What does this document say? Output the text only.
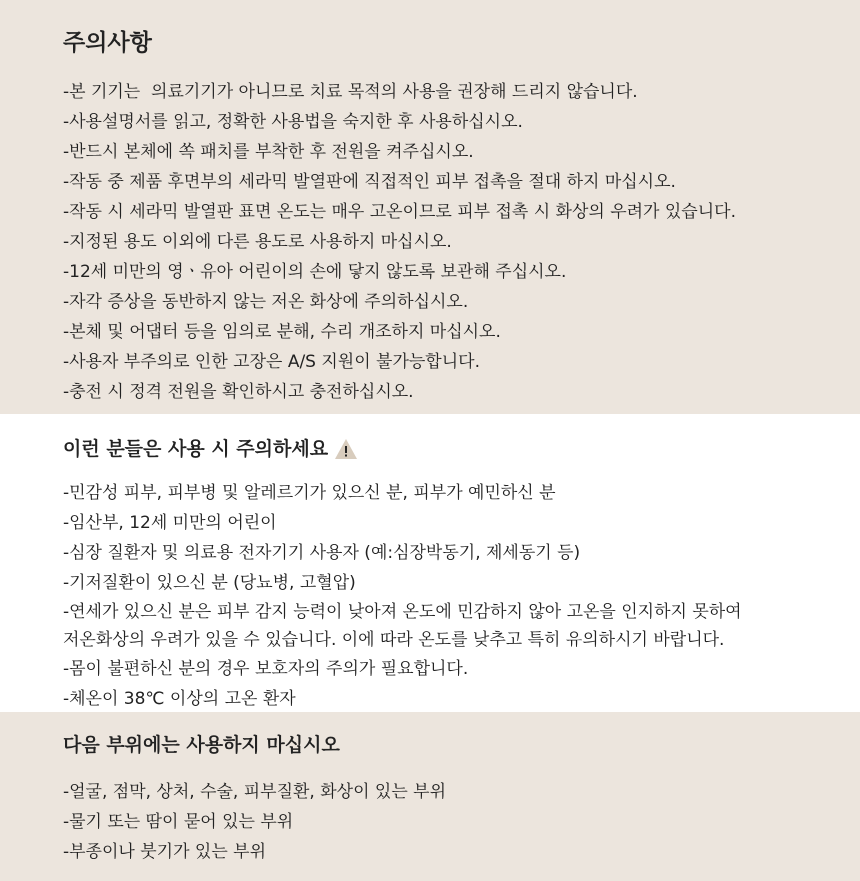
주의사항
-본 기기는  의료기기가 아니므로 치료 목적의 사용을 권장해 드리지 않습니다.
-사용설명서를 읽고, 정확한 사용법을 숙지한 후 사용하십시오.
-반드시 본체에 쏙 패치를 부착한 후 전원을 켜주십시오.
-작동 중 제품 후면부의 세라믹 발열판에 직접적인 피부 접촉을 절대 하지 마십시오.
-작동 시 세라믹 발열판 표면 온도는 매우 고온이므로 피부 접촉 시 화상의 우려가 있습니다.
-지정된 용도 이외에 다른 용도로 사용하지 마십시오.
-12세 미만의 영ㆍ유아 어린이의 손에 닿지 않도록 보관해 주십시오.
-자각 증상을 동반하지 않는 저온 화상에 주의하십시오.
-본체 및 어댑터 등을 임의로 분해, 수리 개조하지 마십시오.
-사용자 부주의로 인한 고장은 A/S 지원이 불가능합니다.
-충전 시 정격 전원을 확인하시고 충전하십시오.
이런 분들은 사용 시 주의하세요
-민감성 피부, 피부병 및 알레르기가 있으신 분, 피부가 예민하신 분
-임산부, 12세 미만의 어린이
-심장 질환자 및 의료용 전자기기 사용자 (예:심장박동기, 제세동기 등)
-기저질환이 있으신 분 (당뇨병, 고혈압)
-연세가 있으신 분은 피부 감지 능력이 낮아져 온도에 민감하지 않아 고온을 인지하지 못하여
저온화상의 우려가 있을 수 있습니다. 이에 따라 온도를 낮추고 특히 유의하시기 바랍니다.
-몸이 불편하신 분의 경우 보호자의 주의가 필요합니다.
-체온이 38℃ 이상의 고온 환자
다음 부위에는 사용하지 마십시오
-얼굴, 점막, 상처, 수술, 피부질환, 화상이 있는 부위
-물기 또는 땀이 묻어 있는 부위
-부종이나 붓기가 있는 부위
